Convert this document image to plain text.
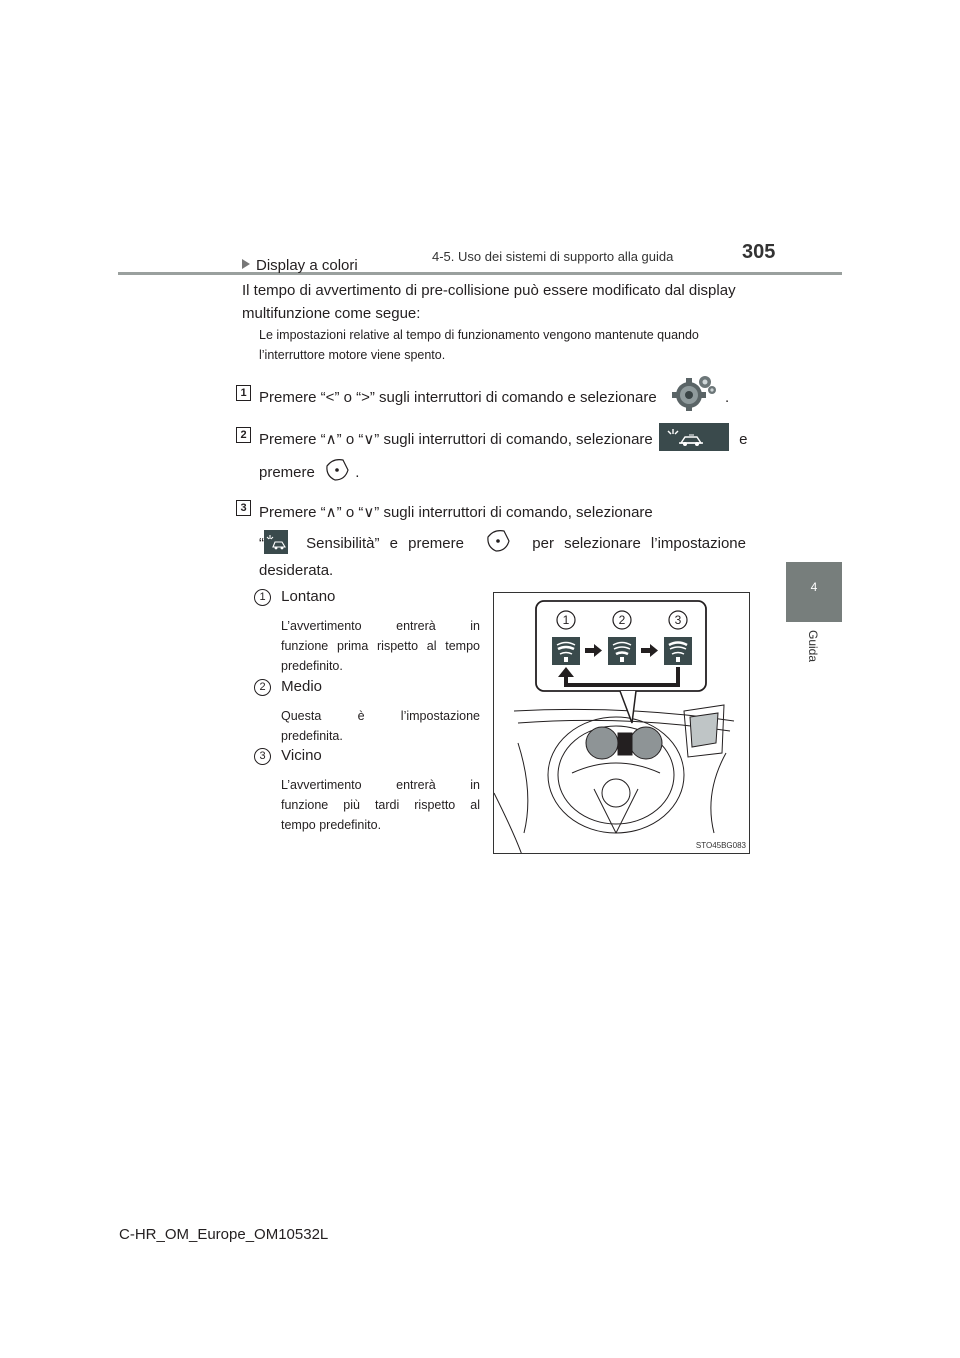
4-5. Uso dei sistemi di supporto alla guida	305
4
Guida
Display a colori
Il tempo di avvertimento di pre-collisione può essere modificato dal display
multifunzione come segue:
Le impostazioni relative al tempo di funzionamento vengono mantenute quando
l’interruttore motore viene spento.
1 Premere “<” o “>” sugli interruttori di comando e selezionare	.
2 Premere “∧” o “∨” sugli interruttori di comando, selezionare	e
premere	.
3 Premere “∧” o “∨” sugli interruttori di comando, selezionare
“	Sensibilità” e premere	per selezionare l’impostazione
desiderata.
1 Lontano
L’avvertimento entrerà in
funzione prima rispetto al tempo
predefinito.
2 Medio
Questa è l’impostazione
predefinita.
3 Vicino
L’avvertimento entrerà in
funzione più tardi rispetto al
tempo predefinito.
1	2	3
STO45BG083
C-HR_OM_Europe_OM10532L
